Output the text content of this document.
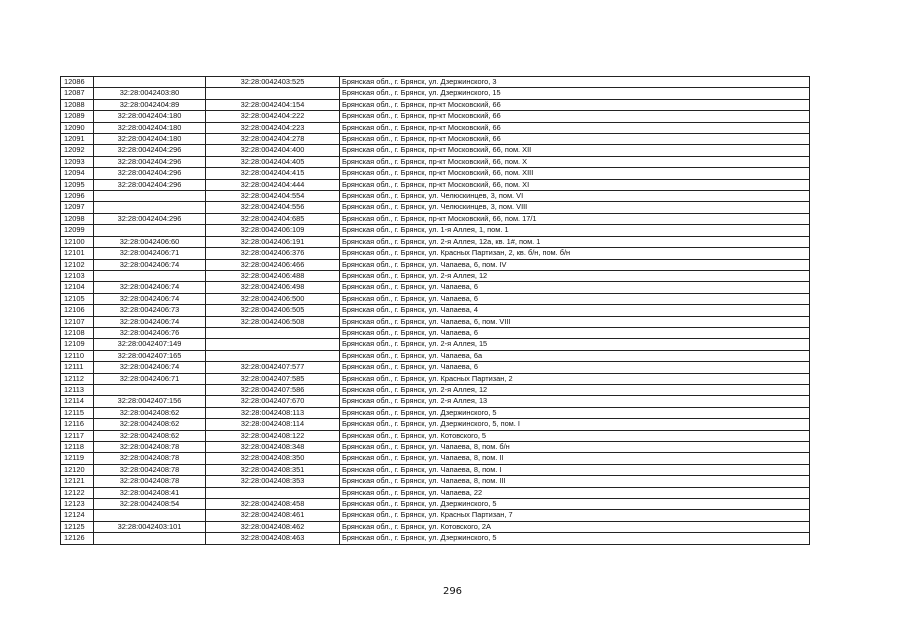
12086		32:28:0042403:525	Брянская обл., г. Брянск, ул. Дзержинского, 3
12087	32:28:0042403:80		Брянская обл., г. Брянск, ул. Дзержинского, 15
12088	32:28:0042404:89	32:28:0042404:154	Брянская обл., г. Брянск, пр-кт Московский, 66
12089	32:28:0042404:180	32:28:0042404:222	Брянская обл., г. Брянск, пр-кт Московский, 66
12090	32:28:0042404:180	32:28:0042404:223	Брянская обл., г. Брянск, пр-кт Московский, 66
12091	32:28:0042404:180	32:28:0042404:278	Брянская обл., г. Брянск, пр-кт Московский, 66
12092	32:28:0042404:296	32:28:0042404:400	Брянская обл., г. Брянск, пр-кт Московский, 66, пом. XII
12093	32:28:0042404:296	32:28:0042404:405	Брянская обл., г. Брянск, пр-кт Московский, 66, пом. X
12094	32:28:0042404:296	32:28:0042404:415	Брянская обл., г. Брянск, пр-кт Московский, 66, пом. XIII
12095	32:28:0042404:296	32:28:0042404:444	Брянская обл., г. Брянск, пр-кт Московский, 66, пом. XI
12096		32:28:0042404:554	Брянская обл., г. Брянск, ул. Челюскинцев, 3, пом. VI
12097		32:28:0042404:556	Брянская обл., г. Брянск, ул. Челюскинцев, 3, пом. VIII
12098	32:28:0042404:296	32:28:0042404:685	Брянская обл., г. Брянск, пр-кт Московский, 66, пом. 17/1
12099		32:28:0042406:109	Брянская обл., г. Брянск, ул. 1-я Аллея, 1, пом. 1
12100	32:28:0042406:60	32:28:0042406:191	Брянская обл., г. Брянск, ул. 2-я Аллея, 12а, кв. 1#, пом. 1
12101	32:28:0042406:71	32:28:0042406:376	Брянская обл., г. Брянск, ул. Красных Партизан, 2, кв. б/н, пом. б/н
12102	32:28:0042406:74	32:28:0042406:466	Брянская обл., г. Брянск, ул. Чапаева, 6, пом. IV
12103		32:28:0042406:488	Брянская обл., г. Брянск, ул. 2-я Аллея, 12
12104	32:28:0042406:74	32:28:0042406:498	Брянская обл., г. Брянск, ул. Чапаева, 6
12105	32:28:0042406:74	32:28:0042406:500	Брянская обл., г. Брянск, ул. Чапаева, 6
12106	32:28:0042406:73	32:28:0042406:505	Брянская обл., г. Брянск, ул. Чапаева, 4
12107	32:28:0042406:74	32:28:0042406:508	Брянская обл., г. Брянск, ул. Чапаева, 6, пом. VIII
12108	32:28:0042406:76		Брянская обл., г. Брянск, ул. Чапаева, 6
12109	32:28:0042407:149		Брянская обл., г. Брянск, ул. 2-я Аллея, 15
12110	32:28:0042407:165		Брянская обл., г. Брянск, ул. Чапаева, 6а
12111	32:28:0042406:74	32:28:0042407:577	Брянская обл., г. Брянск, ул. Чапаева, 6
12112	32:28:0042406:71	32:28:0042407:585	Брянская обл., г. Брянск, ул. Красных Партизан, 2
12113		32:28:0042407:586	Брянская обл., г. Брянск, ул. 2-я Аллея, 12
12114	32:28:0042407:156	32:28:0042407:670	Брянская обл., г. Брянск, ул. 2-я Аллея, 13
12115	32:28:0042408:62	32:28:0042408:113	Брянская обл., г. Брянск, ул. Дзержинского, 5
12116	32:28:0042408:62	32:28:0042408:114	Брянская обл., г. Брянск, ул. Дзержинского, 5, пом. I
12117	32:28:0042408:62	32:28:0042408:122	Брянская обл., г. Брянск, ул. Котовского, 5
12118	32:28:0042408:78	32:28:0042408:348	Брянская обл., г. Брянск, ул. Чапаева, 8, пом. б/н
12119	32:28:0042408:78	32:28:0042408:350	Брянская обл., г. Брянск, ул. Чапаева, 8, пом. II
12120	32:28:0042408:78	32:28:0042408:351	Брянская обл., г. Брянск, ул. Чапаева, 8, пом. I
12121	32:28:0042408:78	32:28:0042408:353	Брянская обл., г. Брянск, ул. Чапаева, 8, пом. III
12122	32:28:0042408:41		Брянская обл., г. Брянск, ул. Чапаева, 22
12123	32:28:0042408:54	32:28:0042408:458	Брянская обл., г. Брянск, ул. Дзержинского, 5
12124		32:28:0042408:461	Брянская обл., г. Брянск, ул. Красных Партизан, 7
12125	32:28:0042403:101	32:28:0042408:462	Брянская обл., г. Брянск, ул. Котовского, 2А
12126		32:28:0042408:463	Брянская обл., г. Брянск, ул. Дзержинского, 5
296
